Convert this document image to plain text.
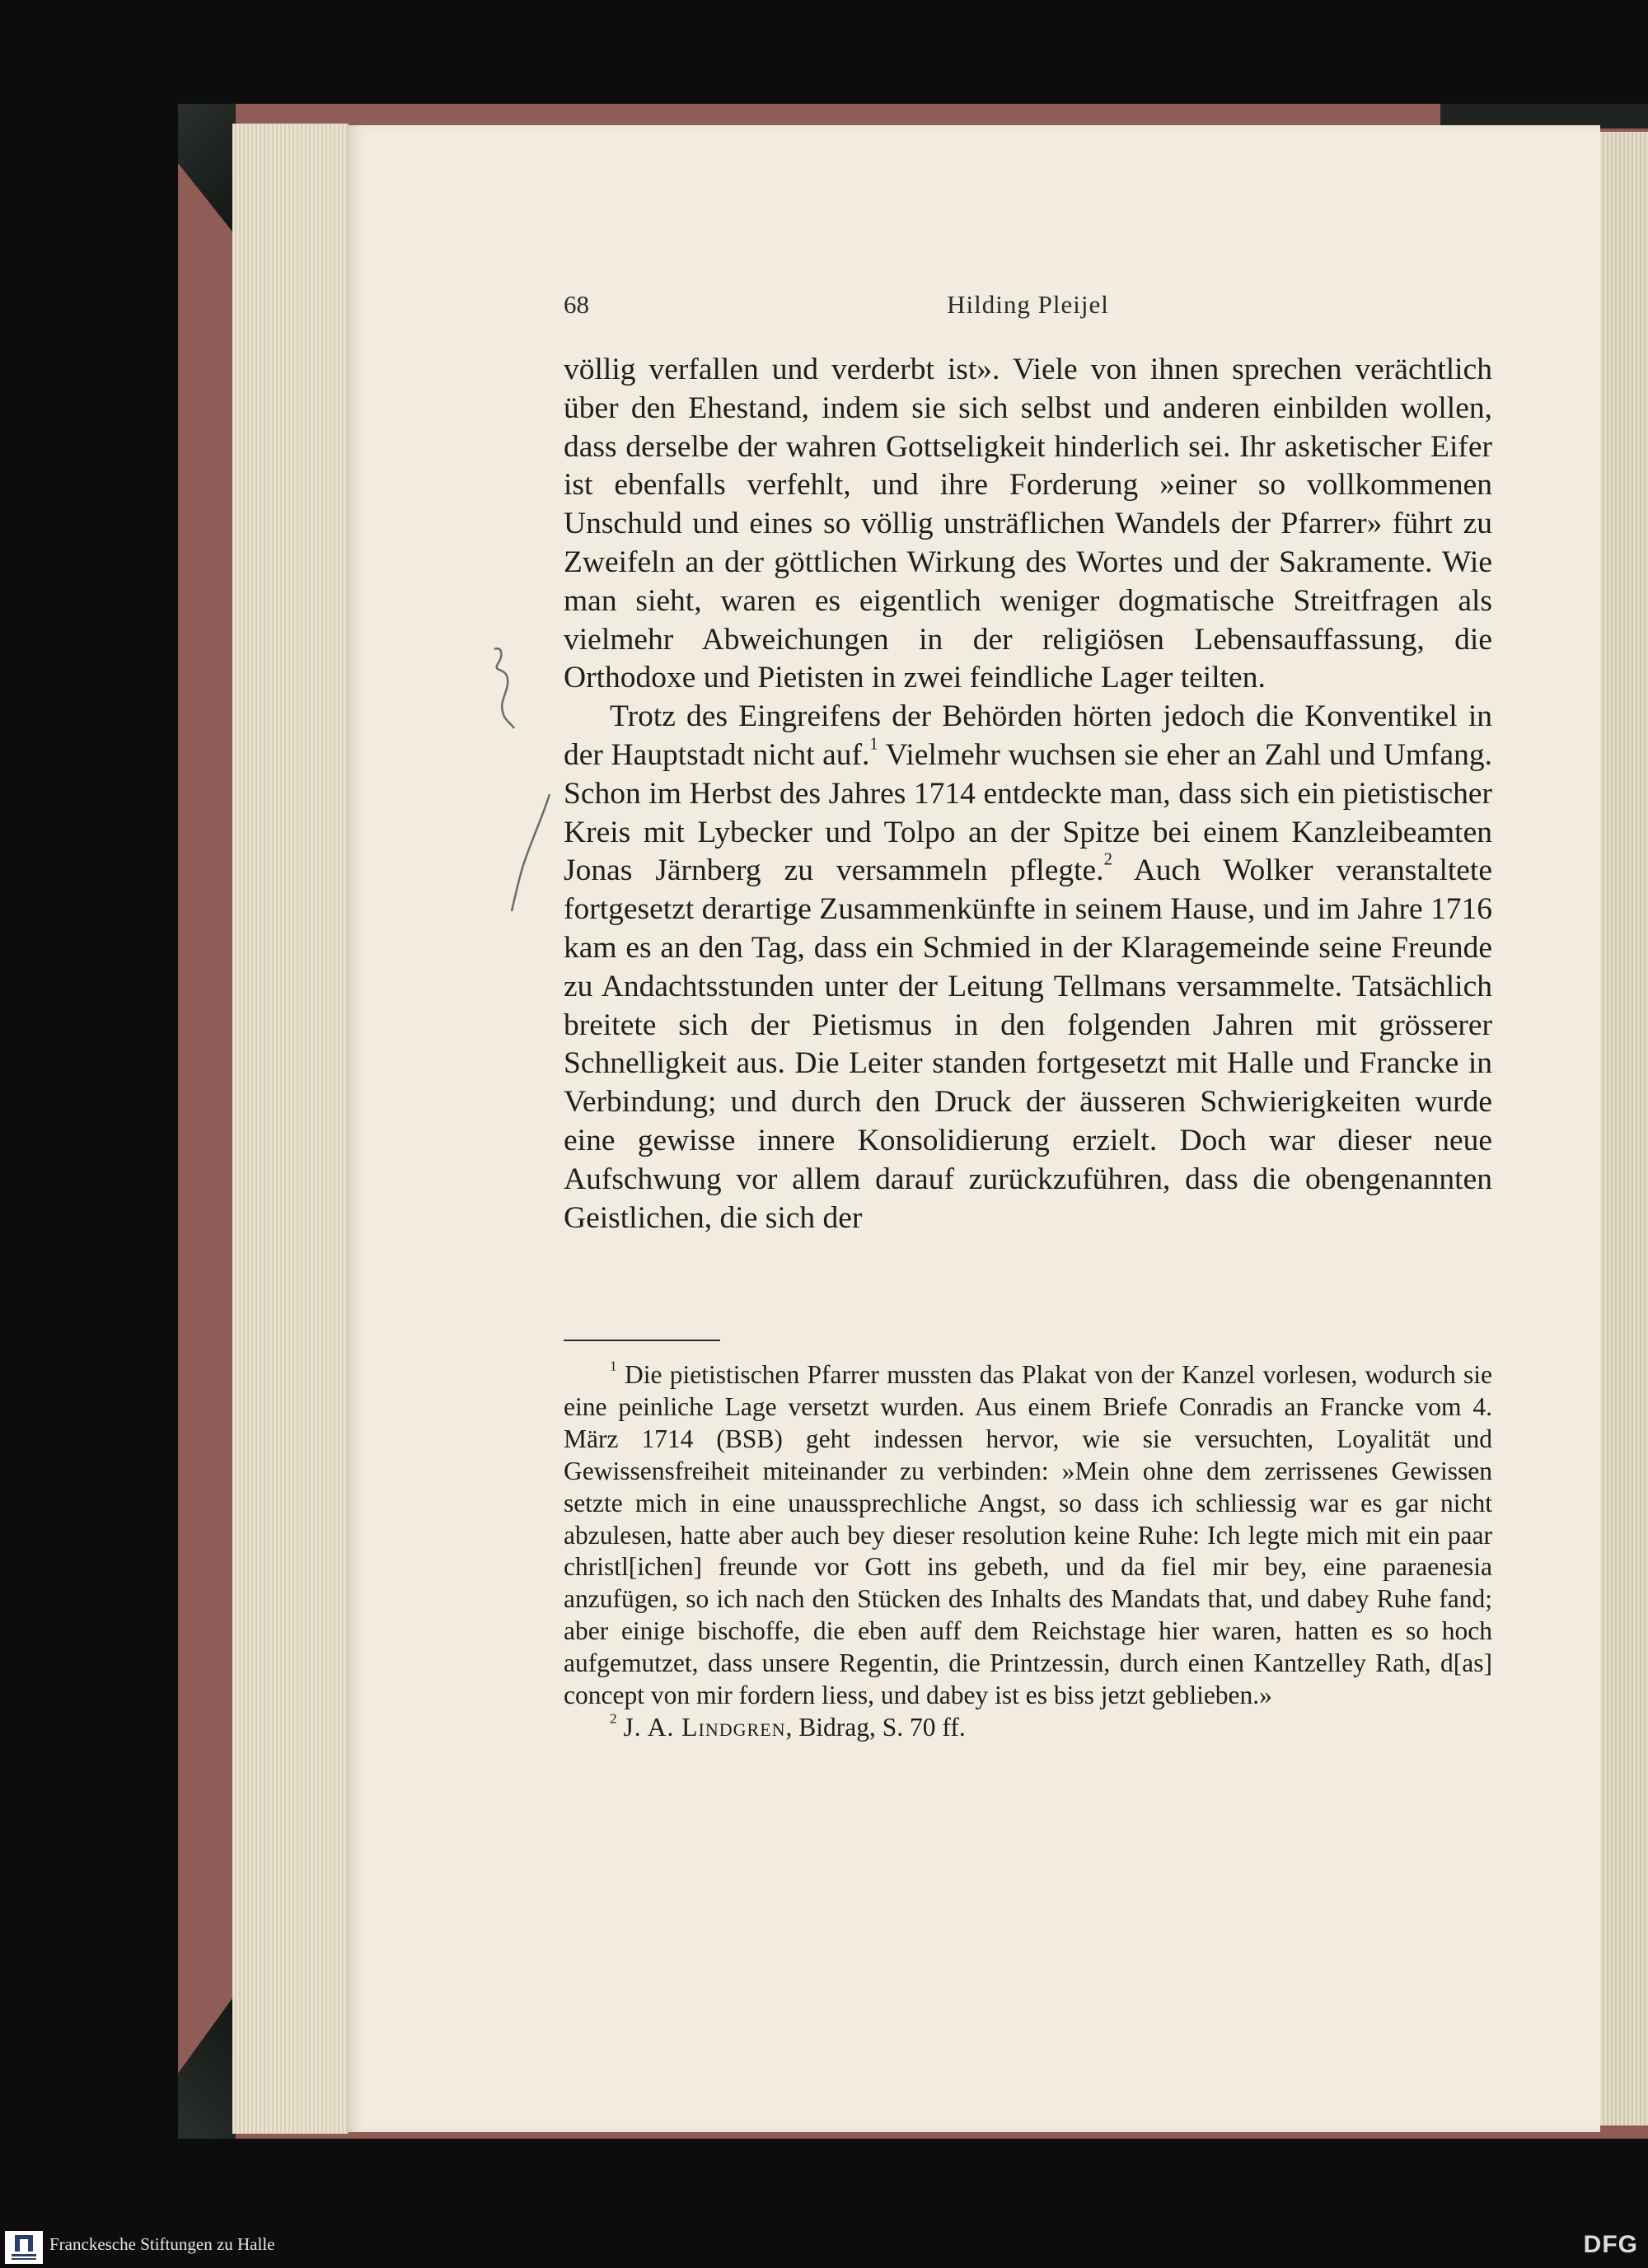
68	Hilding Pleijel

völlig verfallen und verderbt ist». Viele von ihnen sprechen verächtlich über den Ehestand, indem sie sich selbst und anderen einbilden wollen, dass derselbe der wahren Gottseligkeit hinderlich sei. Ihr asketischer Eifer ist ebenfalls verfehlt, und ihre Forderung »einer so vollkommenen Unschuld und eines so völlig unsträflichen Wandels der Pfarrer» führt zu Zweifeln an der göttlichen Wirkung des Wortes und der Sakramente. Wie man sieht, waren es eigentlich weniger dogmatische Streitfragen als vielmehr Abweichungen in der religiösen Lebensauffassung, die Orthodoxe und Pietisten in zwei feindliche Lager teilten.

Trotz des Eingreifens der Behörden hörten jedoch die Konventikel in der Hauptstadt nicht auf.$^1$ Vielmehr wuchsen sie eher an Zahl und Umfang. Schon im Herbst des Jahres 1714 entdeckte man, dass sich ein pietistischer Kreis mit Lybecker und Tolpo an der Spitze bei einem Kanzleibeamten Jonas Järnberg zu versammeln pflegte.$^2$ Auch Wolker veranstaltete fortgesetzt derartige Zusammenkünfte in seinem Hause, und im Jahre 1716 kam es an den Tag, dass ein Schmied in der Klaragemeinde seine Freunde zu Andachtsstunden unter der Leitung Tellmans versammelte. Tatsächlich breitete sich der Pietismus in den folgenden Jahren mit grösserer Schnelligkeit aus. Die Leiter standen fortgesetzt mit Halle und Francke in Verbindung; und durch den Druck der äusseren Schwierigkeiten wurde eine gewisse innere Konsolidierung erzielt. Doch war dieser neue Aufschwung vor allem darauf zurückzuführen, dass die obengenannten Geistlichen, die sich der

$^1$ Die pietistischen Pfarrer mussten das Plakat von der Kanzel vorlesen, wodurch sie eine peinliche Lage versetzt wurden. Aus einem Briefe Conradis an Francke vom 4. März 1714 (BSB) geht indessen hervor, wie sie versuchten, Loyalität und Gewissensfreiheit miteinander zu verbinden: »Mein ohne dem zerrissenes Gewissen setzte mich in eine unaussprechliche Angst, so dass ich schliessig war es gar nicht abzulesen, hatte aber auch bey dieser resolution keine Ruhe: Ich legte mich mit ein paar christl[ichen] freunde vor Gott ins gebeth, und da fiel mir bey, eine paraenesia anzufügen, so ich nach den Stücken des Inhalts des Mandats that, und dabey Ruhe fand; aber einige bischoffe, die eben auff dem Reichstage hier waren, hatten es so hoch aufgemutzet, dass unsere Regentin, die Printzessin, durch einen Kantzelley Rath, d[as] concept von mir fordern liess, und dabey ist es biss jetzt geblieben.»

$^2$ J. A. Lindgren, Bidrag, S. 70 ff.

Franckesche Stiftungen zu Halle	DFG
